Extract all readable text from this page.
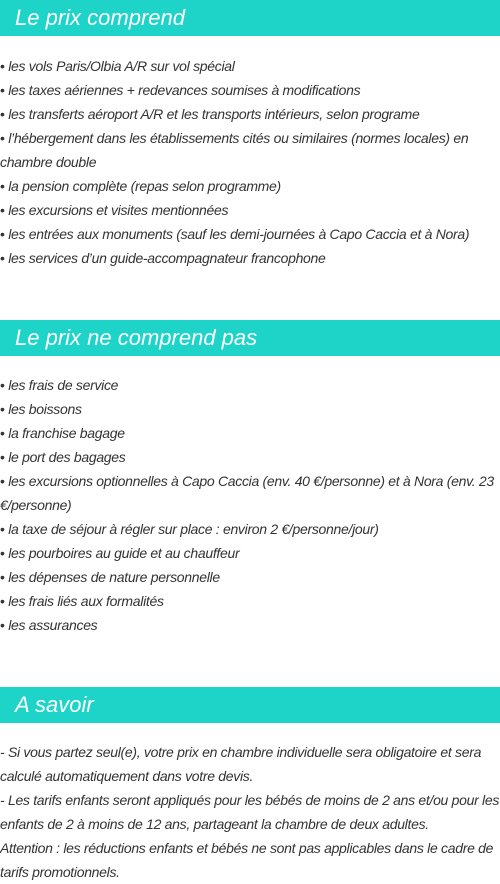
Le prix comprend
• les vols Paris/Olbia A/R sur vol spécial
• les taxes aériennes + redevances soumises à modifications
• les transferts aéroport A/R et les transports intérieurs, selon programe
• l’hébergement dans les établissements cités ou similaires (normes locales) en chambre double
• la pension complète (repas selon programme)
• les excursions et visites mentionnées
• les entrées aux monuments (sauf les demi-journées à Capo Caccia et à Nora)
• les services d’un guide-accompagnateur francophone
Le prix ne comprend pas
• les frais de service
• les boissons
• la franchise bagage
• le port des bagages
• les excursions optionnelles à Capo Caccia (env. 40 €/personne) et à Nora (env. 23 €/personne)
• la taxe de séjour à régler sur place : environ 2 €/personne/jour)
• les pourboires au guide et au chauffeur
• les dépenses de nature personnelle
• les frais liés aux formalités
• les assurances
A savoir

- Si vous partez seul(e), votre prix en chambre individuelle sera obligatoire et sera calculé automatiquement dans votre devis.

- Les tarifs enfants seront appliqués pour les bébés de moins de 2 ans et/ou pour les enfants de 2 à moins de 12 ans, partageant la chambre de deux adultes.

Attention : les réductions enfants et bébés ne sont pas applicables dans le cadre de tarifs promotionnels.
